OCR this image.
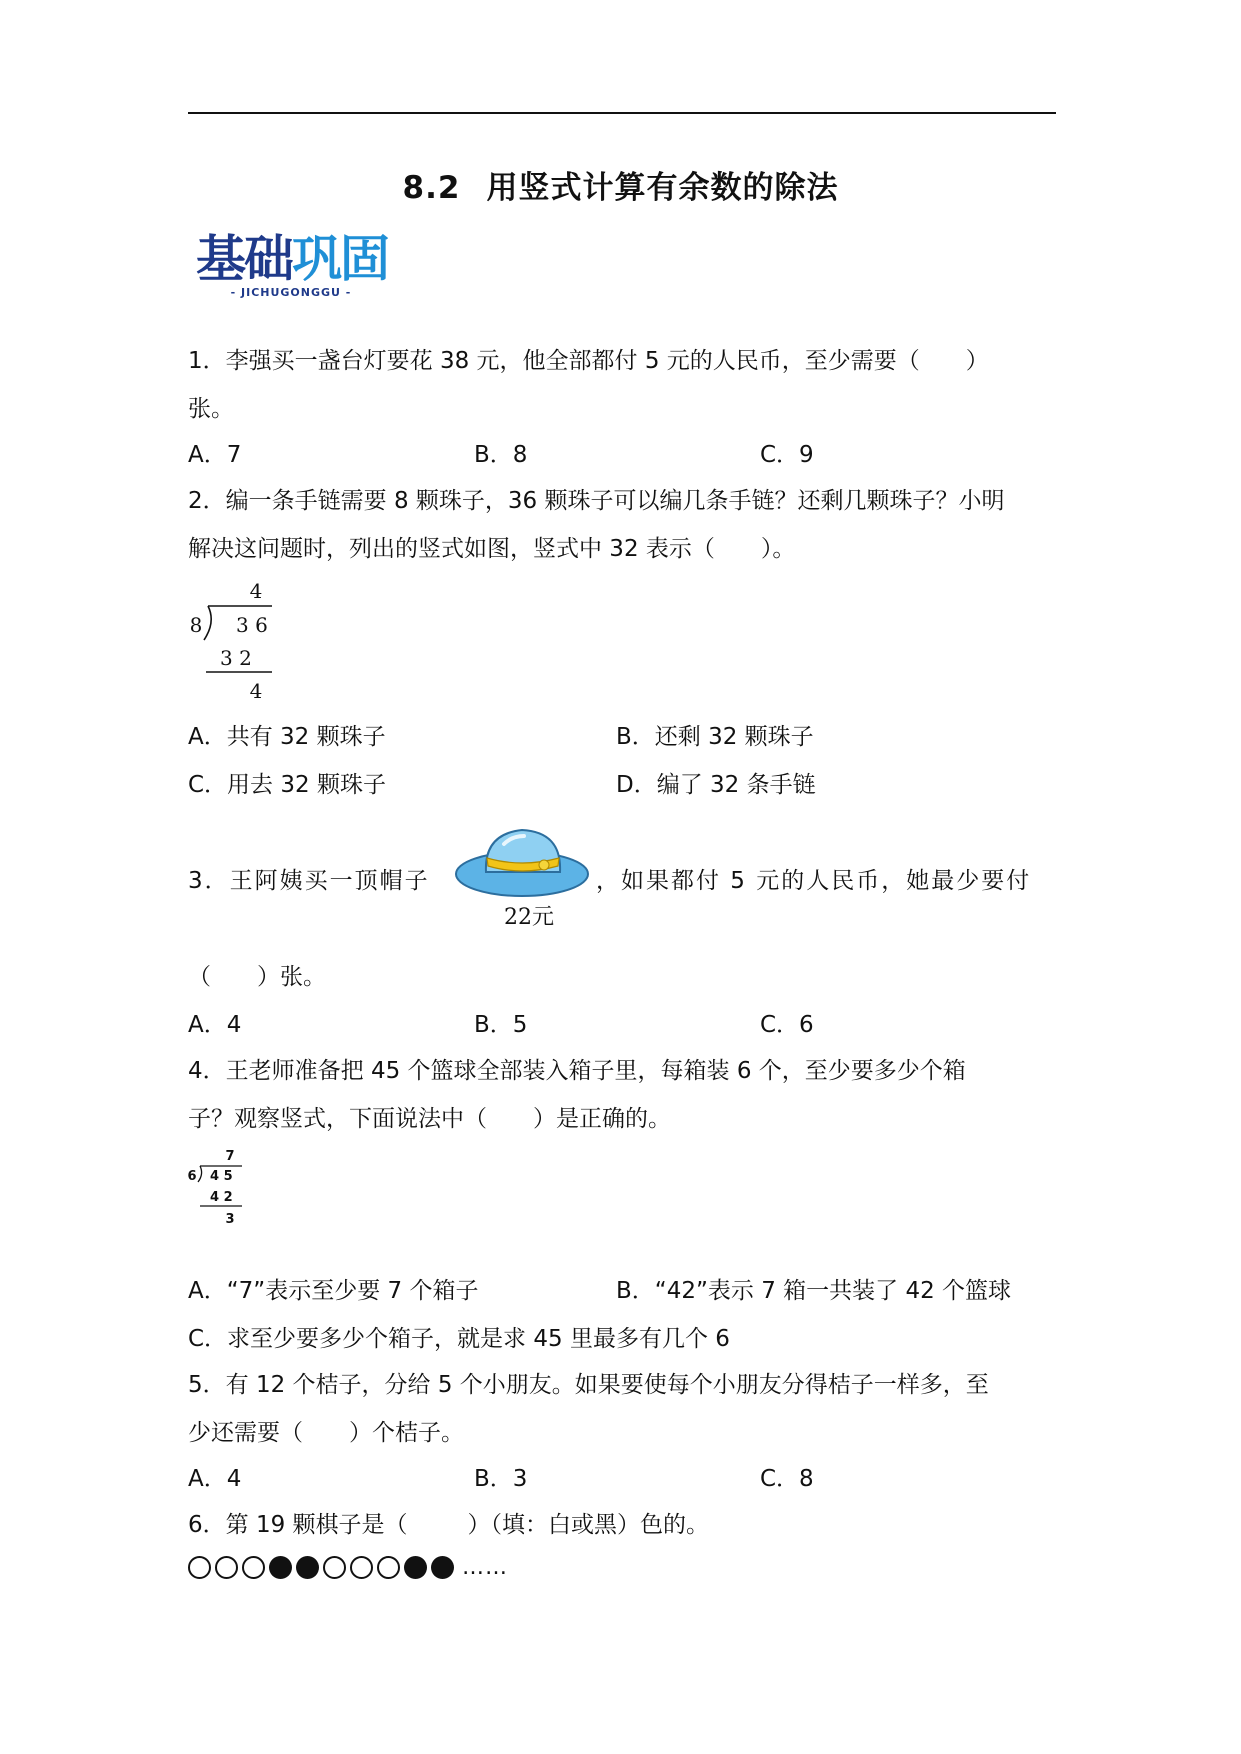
8.2 用竖式计算有余数的除法
基础巩固
- JICHUGONGGU -
1．李强买一盏台灯要花 38 元，他全部都付 5 元的人民币，至少需要（ ）
张。
A．7	B．8	C．9
2．编一条手链需要 8 颗珠子，36 颗珠子可以编几条手链？还剩几颗珠子？小明
解决这问题时，列出的竖式如图，竖式中 32 表示（ ）。
4
8 3 6
3 2
4
A．共有 32 颗珠子	B．还剩 32 颗珠子
C．用去 32 颗珠子	D．编了 32 条手链
3．王阿姨买一顶帽子
22元
，如果都付 5 元的人民币，她最少要付
（ ）张。
A．4	B．5	C．6
4．王老师准备把 45 个篮球全部装入箱子里，每箱装 6 个，至少要多少个箱
子？观察竖式，下面说法中（ ）是正确的。
7
6 4 5
4 2
3
A．“7”表示至少要 7 个箱子	B．“42”表示 7 箱一共装了 42 个篮球
C．求至少要多少个箱子，就是求 45 里最多有几个 6
5．有 12 个桔子，分给 5 个小朋友。如果要使每个小朋友分得桔子一样多，至
少还需要（ ）个桔子。
A．4	B．3	C．8
6．第 19 颗棋子是（	）（填：白或黑）色的。
……
